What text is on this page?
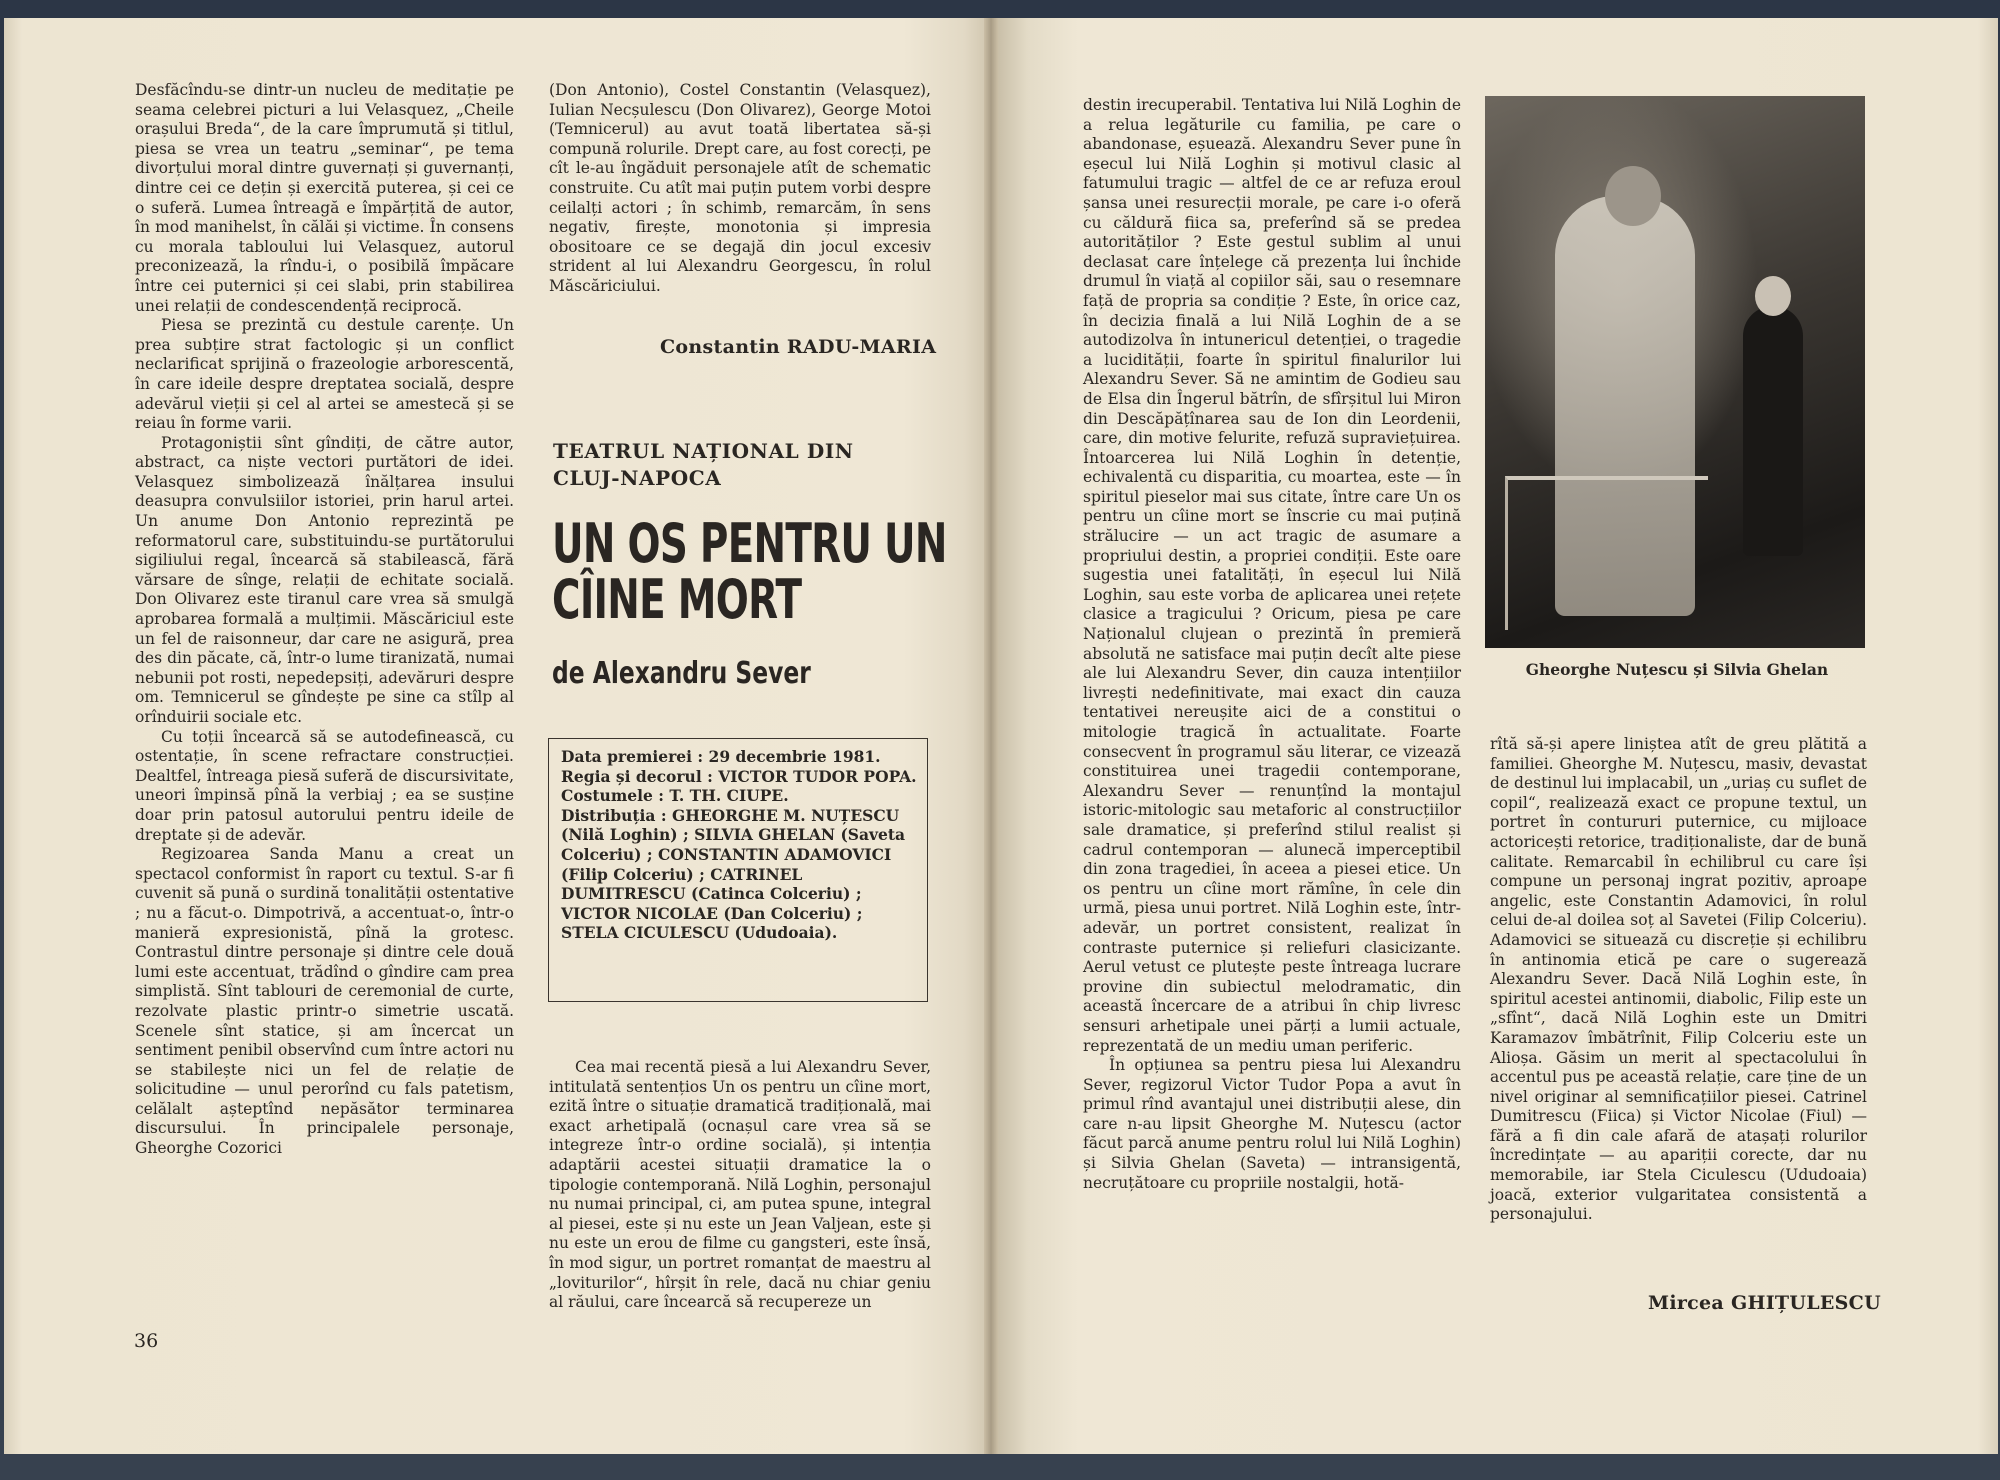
Desfăcîndu-se dintr-un nucleu de meditație pe seama celebrei picturi a lui Velasquez, „Cheile orașului Breda“, de la care împrumută și titlul, piesa se vrea un teatru „seminar“, pe tema divorțului moral dintre guvernați și guvernanți, dintre cei ce dețin și exercită puterea, și cei ce o suferă. Lumea întreagă e împărțită de autor, în mod manihelst, în călăi și victime. În consens cu morala tabloului lui Velasquez, autorul preconizează, la rîndu-i, o posibilă împăcare între cei puternici și cei slabi, prin stabilirea unei relații de condescendență reciprocă.

Piesa se prezintă cu destule carențe. Un prea subțire strat factologic și un conflict neclarificat sprijină o frazeologie arborescentă, în care ideile despre dreptatea socială, despre adevărul vieții și cel al artei se amestecă și se reiau în forme varii.

Protagoniștii sînt gîndiți, de către autor, abstract, ca niște vectori purtători de idei. Velasquez simbolizează înălțarea insului deasupra convulsiilor istoriei, prin harul artei. Un anume Don Antonio reprezintă pe reformatorul care, substituindu-se purtătorului sigiliului regal, încearcă să stabilească, fără vărsare de sînge, relații de echitate socială. Don Olivarez este tiranul care vrea să smulgă aprobarea formală a mulțimii. Măscăriciul este un fel de raisonneur, dar care ne asigură, prea des din păcate, că, într-o lume tiranizată, numai nebunii pot rosti, nepedepsiți, adevăruri despre om. Temnicerul se gîndește pe sine ca stîlp al orînduirii sociale etc.

Cu toții încearcă să se autodefinească, cu ostentație, în scene refractare construcției. Dealtfel, întreaga piesă suferă de discursivitate, uneori împinsă pînă la verbiaj ; ea se susține doar prin patosul autorului pentru ideile de dreptate și de adevăr.

Regizoarea Sanda Manu a creat un spectacol conformist în raport cu textul. S-ar fi cuvenit să pună o surdină tonalității ostentative ; nu a făcut-o. Dimpotrivă, a accentuat-o, într-o manieră expresionistă, pînă la grotesc. Contrastul dintre personaje și dintre cele două lumi este accentuat, trădînd o gîndire cam prea simplistă. Sînt tablouri de ceremonial de curte, rezolvate plastic printr-o simetrie uscată. Scenele sînt statice, și am încercat un sentiment penibil observînd cum între actori nu se stabilește nici un fel de relație de solicitudine — unul perorînd cu fals patetism, celălalt așteptînd nepăsător terminarea discursului. În principalele personaje, Gheorghe Cozorici

(Don Antonio), Costel Constantin (Velasquez), Iulian Necșulescu (Don Olivarez), George Motoi (Temnicerul) au avut toată libertatea să-și compună rolurile. Drept care, au fost corecți, pe cît le-au îngăduit personajele atît de schematic construite. Cu atît mai puțin putem vorbi despre ceilalți actori ; în schimb, remarcăm, în sens negativ, firește, monotonia și impresia obositoare ce se degajă din jocul excesiv strident al lui Alexandru Georgescu, în rolul Măscăriciului.

Constantin RADU-MARIA
TEATRUL NAȚIONAL DIN
CLUJ-NAPOCA
UN OS PENTRU UN
CÎINE MORT
de Alexandru Sever
Data premierei : 29 decembrie 1981.
Regia și decorul : VICTOR TUDOR POPA. Costumele : T. TH. CIUPE.
Distribuția : GHEORGHE M. NUȚESCU (Nilă Loghin) ; SILVIA GHELAN (Saveta Colceriu) ; CONSTANTIN ADAMOVICI (Filip Colceriu) ; CATRINEL DUMITRESCU (Catinca Colceriu) ; VICTOR NICOLAE (Dan Colceriu) ; STELA CICULESCU (Ududoaia).

Cea mai recentă piesă a lui Alexandru Sever, intitulată sentențios Un os pentru un cîine mort, ezită între o situație dramatică tradițională, mai exact arhetipală (ocnașul care vrea să se integreze într-o ordine socială), și intenția adaptării acestei situații dramatice la o tipologie contemporană. Nilă Loghin, personajul nu numai principal, ci, am putea spune, integral al piesei, este și nu este un Jean Valjean, este și nu este un erou de filme cu gangsteri, este însă, în mod sigur, un portret romanțat de maestru al „loviturilor“, hîrșit în rele, dacă nu chiar geniu al răului, care încearcă să recupereze un

36

destin irecuperabil. Tentativa lui Nilă Loghin de a relua legăturile cu familia, pe care o abandonase, eșuează. Alexandru Sever pune în eșecul lui Nilă Loghin și motivul clasic al fatumului tragic — altfel de ce ar refuza eroul șansa unei resurecții morale, pe care i-o oferă cu căldură fiica sa, preferînd să se predea autorităților ? Este gestul sublim al unui declasat care înțelege că prezența lui închide drumul în viață al copiilor săi, sau o resemnare față de propria sa condiție ? Este, în orice caz, în decizia finală a lui Nilă Loghin de a se autodizolva în intunericul detenției, o tragedie a lucidității, foarte în spiritul finalurilor lui Alexandru Sever. Să ne amintim de Godieu sau de Elsa din Îngerul bătrîn, de sfîrșitul lui Miron din Descăpățînarea sau de Ion din Leordenii, care, din motive felurite, refuză supraviețuirea. Întoarcerea lui Nilă Loghin în detenție, echivalentă cu disparitia, cu moartea, este — în spiritul pieselor mai sus citate, între care Un os pentru un cîine mort se înscrie cu mai puțină strălucire — un act tragic de asumare a propriului destin, a propriei condiții. Este oare sugestia unei fatalități, în eșecul lui Nilă Loghin, sau este vorba de aplicarea unei rețete clasice a tragicului ? Oricum, piesa pe care Naționalul clujean o prezintă în premieră absolută ne satisface mai puțin decît alte piese ale lui Alexandru Sever, din cauza intențiilor livrești nedefinitivate, mai exact din cauza tentativei nereușite aici de a constitui o mitologie tragică în actualitate. Foarte consecvent în programul său literar, ce vizează constituirea unei tragedii contemporane, Alexandru Sever — renunțînd la montajul istoric-mitologic sau metaforic al construcțiilor sale dramatice, și preferînd stilul realist și cadrul contemporan — alunecă imperceptibil din zona tragediei, în aceea a piesei etice. Un os pentru un cîine mort rămîne, în cele din urmă, piesa unui portret. Nilă Loghin este, într-adevăr, un portret consistent, realizat în contraste puternice și reliefuri clasicizante. Aerul vetust ce plutește peste întreaga lucrare provine din subiectul melodramatic, din această încercare de a atribui în chip livresc sensuri arhetipale unei părți a lumii actuale, reprezentată de un mediu uman periferic.

În opțiunea sa pentru piesa lui Alexandru Sever, regizorul Victor Tudor Popa a avut în primul rînd avantajul unei distribuții alese, din care n-au lipsit Gheorghe M. Nuțescu (actor făcut parcă anume pentru rolul lui Nilă Loghin) și Silvia Ghelan (Saveta) — intransigentă, necruțătoare cu propriile nostalgii, hotă-

Gheorghe Nuțescu și Silvia Ghelan

rîtă să-și apere liniștea atît de greu plătită a familiei. Gheorghe M. Nuțescu, masiv, devastat de destinul lui implacabil, un „uriaș cu suflet de copil“, realizează exact ce propune textul, un portret în contururi puternice, cu mijloace actoricești retorice, tradiționaliste, dar de bună calitate. Remarcabil în echilibrul cu care își compune un personaj ingrat pozitiv, aproape angelic, este Constantin Adamovici, în rolul celui de-al doilea soț al Savetei (Filip Colceriu). Adamovici se situează cu discreție și echilibru în antinomia etică pe care o sugerează Alexandru Sever. Dacă Nilă Loghin este, în spiritul acestei antinomii, diabolic, Filip este un „sfînt“, dacă Nilă Loghin este un Dmitri Karamazov îmbătrînit, Filip Colceriu este un Alioșa. Găsim un merit al spectacolului în accentul pus pe această relație, care ține de un nivel originar al semnificațiilor piesei. Catrinel Dumitrescu (Fiica) și Victor Nicolae (Fiul) — fără a fi din cale afară de atașați rolurilor încredințate — au apariții corecte, dar nu memorabile, iar Stela Ciculescu (Ududoaia) joacă, exterior vulgaritatea consistentă a personajului.

Mircea GHIȚULESCU
